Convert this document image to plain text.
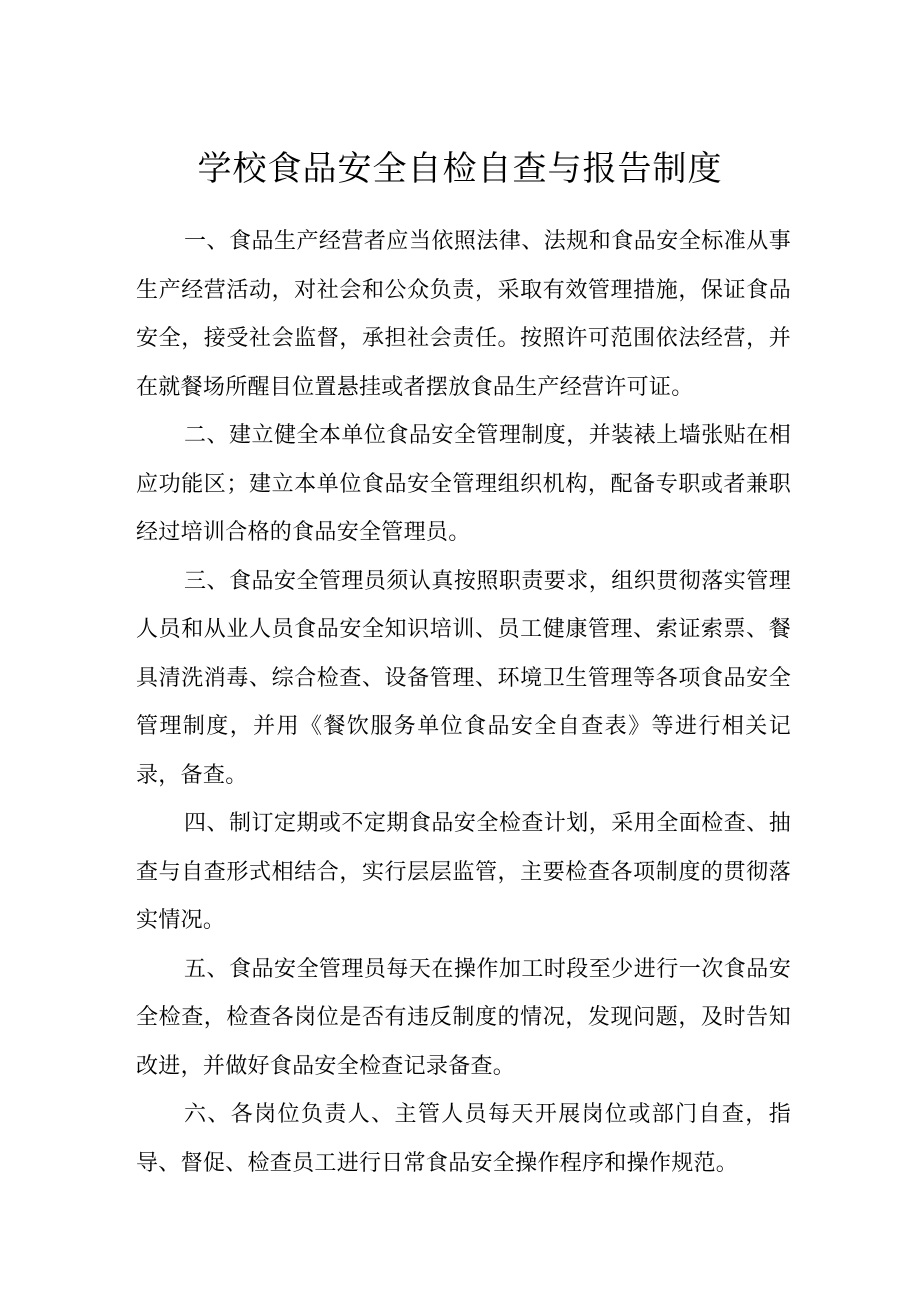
学校食品安全自检自查与报告制度

一、食品生产经营者应当依照法律、法规和食品安全标准从事生产经营活动，对社会和公众负责，采取有效管理措施，保证食品安全，接受社会监督，承担社会责任。按照许可范围依法经营，并在就餐场所醒目位置悬挂或者摆放食品生产经营许可证。

二、建立健全本单位食品安全管理制度，并装裱上墙张贴在相应功能区；建立本单位食品安全管理组织机构，配备专职或者兼职经过培训合格的食品安全管理员。

三、食品安全管理员须认真按照职责要求，组织贯彻落实管理人员和从业人员食品安全知识培训、员工健康管理、索证索票、餐具清洗消毒、综合检查、设备管理、环境卫生管理等各项食品安全管理制度，并用《餐饮服务单位食品安全自查表》等进行相关记录，备查。

四、制订定期或不定期食品安全检查计划，采用全面检查、抽查与自查形式相结合，实行层层监管，主要检查各项制度的贯彻落实情况。

五、食品安全管理员每天在操作加工时段至少进行一次食品安全检查，检查各岗位是否有违反制度的情况，发现问题，及时告知改进，并做好食品安全检查记录备查。

六、各岗位负责人、主管人员每天开展岗位或部门自查，指导、督促、检查员工进行日常食品安全操作程序和操作规范。
